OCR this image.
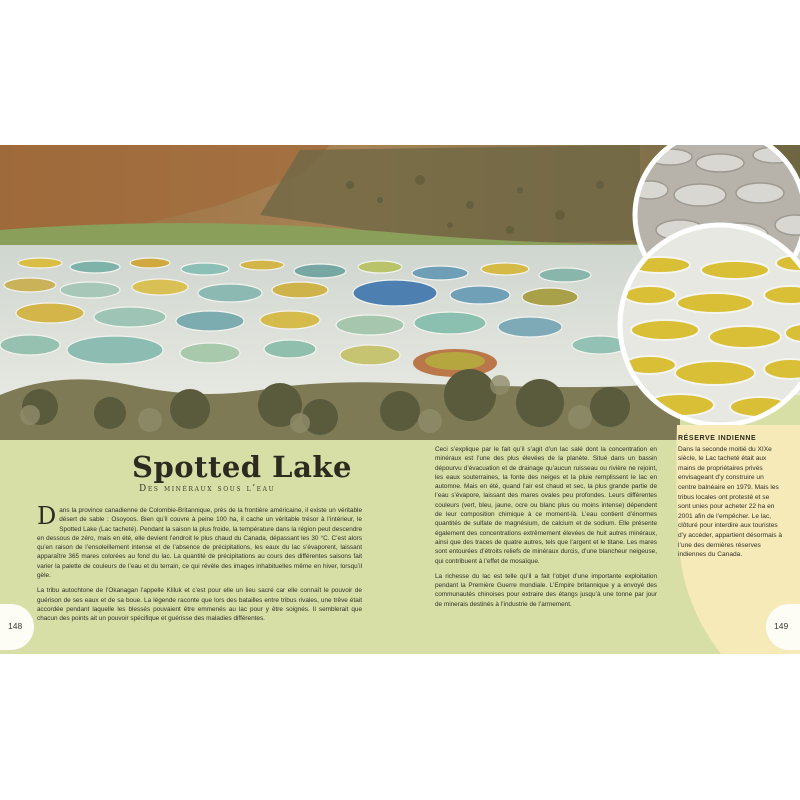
Spotted Lake
Des minéraux sous l’eau

Dans la province canadienne de Colombie-Britannique, près de la frontière américaine, il existe un véritable désert de sable : Osoyoos. Bien qu’il couvre à peine 100 ha, il cache un véritable trésor à l’intérieur, le Spotted Lake (Lac tacheté). Pendant la saison la plus froide, la température dans la région peut descendre en dessous de zéro, mais en été, elle devient l’endroit le plus chaud du Canada, dépassant les 30 °C. C’est alors qu’en raison de l’ensoleillement intense et de l’absence de précipitations, les eaux du lac s’évaporent, laissant apparaître 365 mares colorées au fond du lac. La quantité de précipitations au cours des différentes saisons fait varier la palette de couleurs de l’eau et du terrain, ce qui révèle des images inhabituelles même en hiver, lorsqu’il gèle.

La tribu autochtone de l’Okanagan l’appelle Kliluk et c’est pour elle un lieu sacré car elle connaît le pouvoir de guérison de ses eaux et de sa boue. La légende raconte que lors des batailles entre tribus rivales, une trêve était accordée pendant laquelle les blessés pouvaient être emmenés au lac pour y être soignés. Il semblerait que chacun des points ait un pouvoir spécifique et guérisse des maladies différentes.

Ceci s’explique par le fait qu’il s’agit d’un lac salé dont la concentration en minéraux est l’une des plus élevées de la planète. Situé dans un bassin dépourvu d’évacuation et de drainage qu’aucun ruisseau ou rivière ne rejoint, les eaux souterraines, la fonte des neiges et la pluie remplissent le lac en automne. Mais en été, quand l’air est chaud et sec, la plus grande partie de l’eau s’évapore, laissant des mares ovales peu profondes. Leurs différentes couleurs (vert, bleu, jaune, ocre ou blanc plus ou moins intense) dépendent de leur composition chimique à ce moment-là. L’eau contient d’énormes quantités de sulfate de magnésium, de calcium et de sodium. Elle présente également des concentrations extrêmement élevées de huit autres minéraux, ainsi que des traces de quatre autres, tels que l’argent et le titane. Les mares sont entourées d’étroits reliefs de minéraux durcis, d’une blancheur neigeuse, qui contribuent à l’effet de mosaïque.

La richesse du lac est telle qu’il a fait l’objet d’une importante exploitation pendant la Première Guerre mondiale. L’Empire britannique y a envoyé des communautés chinoises pour extraire des étangs jusqu’à une tonne par jour de minerais destinés à l’industrie de l’armement.

RÉSERVE INDIENNE
Dans la seconde moitié du XIXe siècle, le Lac tacheté était aux mains de propriétaires privés envisageant d’y construire un centre balnéaire en 1979. Mais les tribus locales ont protesté et se sont unies pour acheter 22 ha en 2001 afin de l’empêcher. Le lac, clôturé pour interdire aux touristes d’y accéder, appartient désormais à l’une des dernières réserves indiennes du Canada.
148	149
